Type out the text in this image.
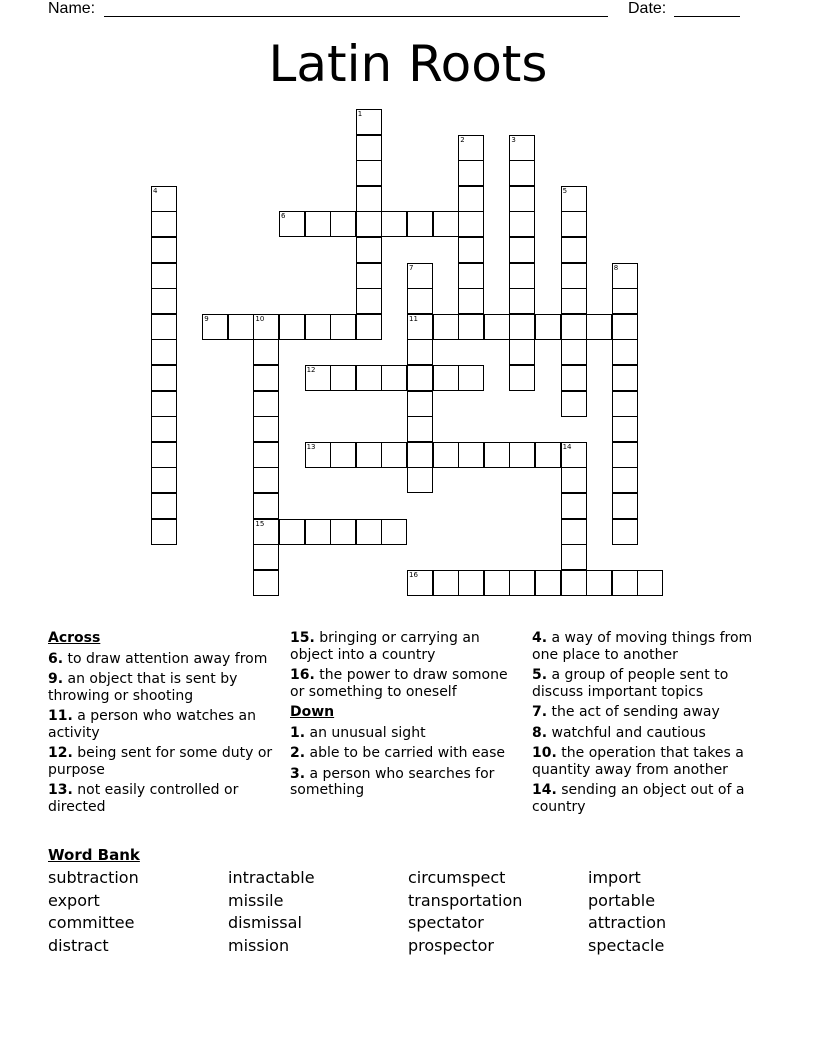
Name:	Date:
Latin Roots
1
2	3
4	5
6
7	8
9	10	11
12
13	14
15
16
Across
6. to draw attention away from
9. an object that is sent by throwing or shooting
11. a person who watches an activity
12. being sent for some duty or purpose
13. not easily controlled or directed
15. bringing or carrying an object into a country
16. the power to draw somone or something to oneself
Down
1. an unusual sight
2. able to be carried with ease
3. a person who searches for something
4. a way of moving things from one place to another
5. a group of people sent to discuss important topics
7. the act of sending away
8. watchful and cautious
10. the operation that takes a quantity away from another
14. sending an object out of a country
Word Bank
subtraction	intractable	circumspect	import
export	missile	transportation	portable
committee	dismissal	spectator	attraction
distract	mission	prospector	spectacle
